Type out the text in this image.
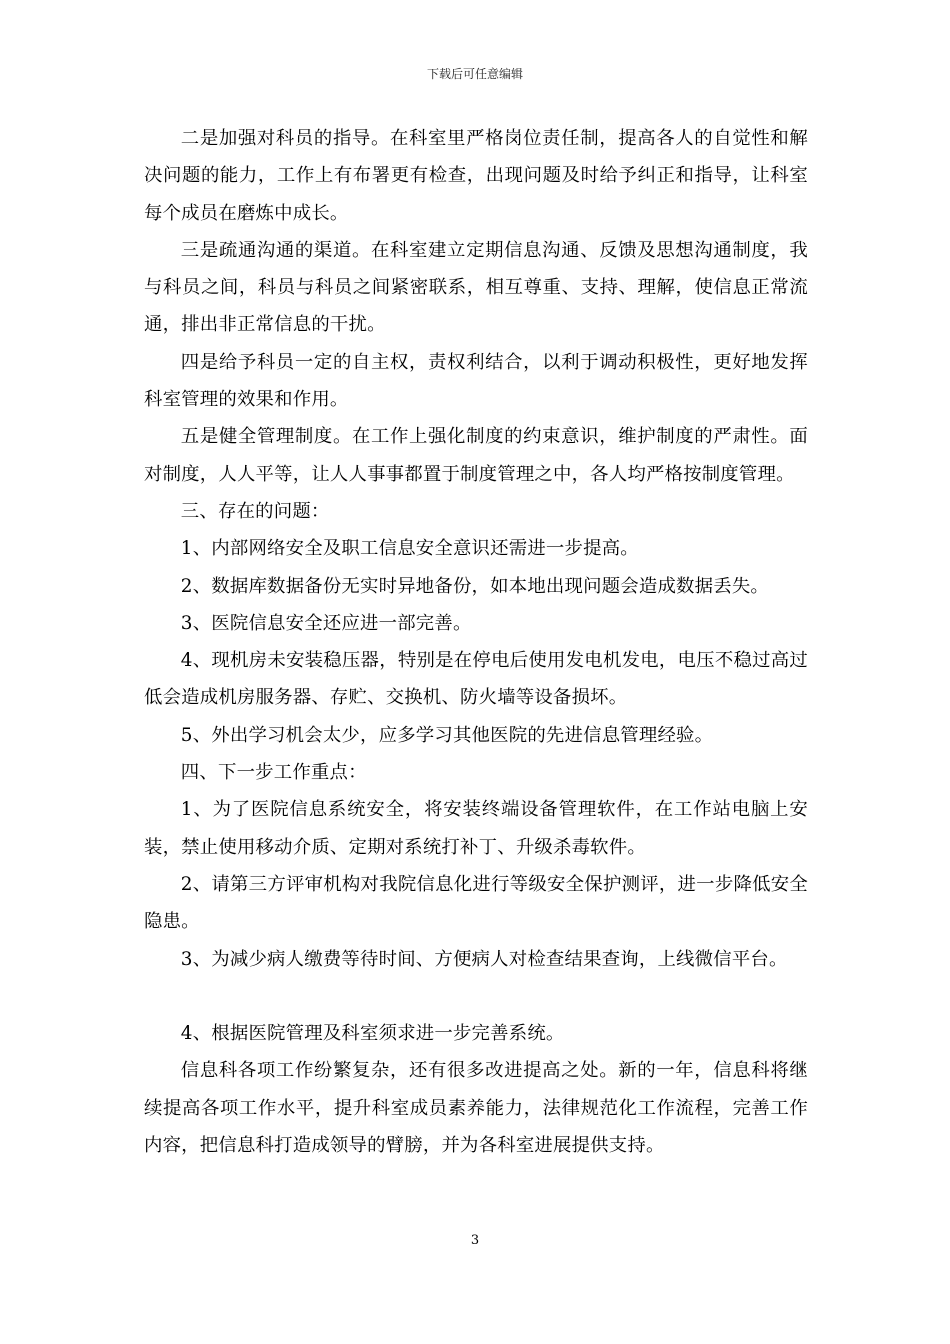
下载后可任意编辑

二是加强对科员的指导。在科室里严格岗位责任制，提高各人的自觉性和解决问题的能力，工作上有布署更有检查，出现问题及时给予纠正和指导，让科室每个成员在磨炼中成长。

三是疏通沟通的渠道。在科室建立定期信息沟通、反馈及思想沟通制度，我与科员之间，科员与科员之间紧密联系，相互尊重、支持、理解，使信息正常流通，排出非正常信息的干扰。

四是给予科员一定的自主权，责权利结合，以利于调动积极性，更好地发挥科室管理的效果和作用。

五是健全管理制度。在工作上强化制度的约束意识，维护制度的严肃性。面对制度，人人平等，让人人事事都置于制度管理之中，各人均严格按制度管理。

三、存在的问题：

1、内部网络安全及职工信息安全意识还需进一步提高。

2、数据库数据备份无实时异地备份，如本地出现问题会造成数据丢失。

3、医院信息安全还应进一部完善。

4、现机房未安装稳压器，特别是在停电后使用发电机发电，电压不稳过高过低会造成机房服务器、存贮、交换机、防火墙等设备损坏。

5、外出学习机会太少，应多学习其他医院的先进信息管理经验。

四、下一步工作重点：

1、为了医院信息系统安全，将安装终端设备管理软件，在工作站电脑上安装，禁止使用移动介质、定期对系统打补丁、升级杀毒软件。

2、请第三方评审机构对我院信息化进行等级安全保护测评，进一步降低安全隐患。

3、为减少病人缴费等待时间、方便病人对检查结果查询，上线微信平台。

4、根据医院管理及科室须求进一步完善系统。

信息科各项工作纷繁复杂，还有很多改进提高之处。新的一年，信息科将继续提高各项工作水平，提升科室成员素养能力，法律规范化工作流程，完善工作内容，把信息科打造成领导的臂膀，并为各科室进展提供支持。

3
